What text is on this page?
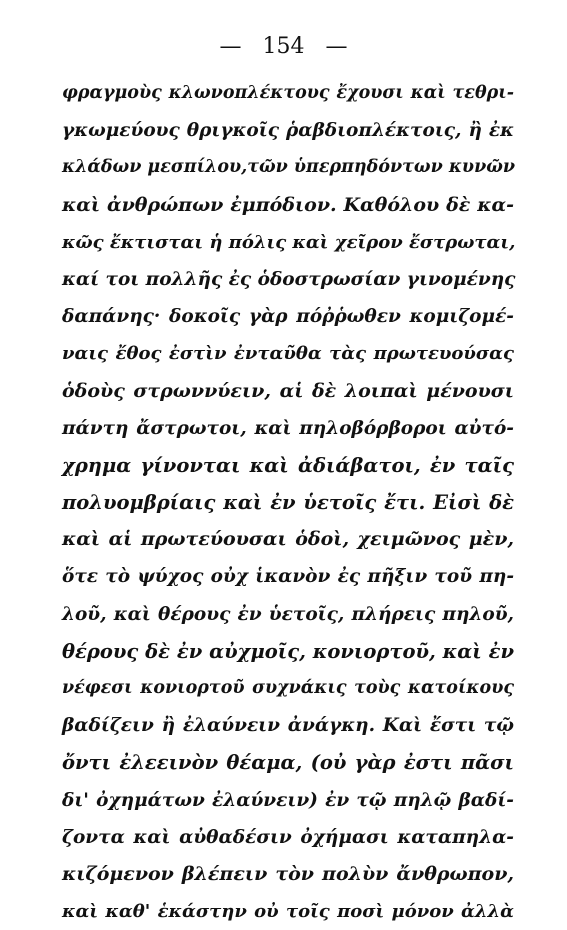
— 154 —
φραγμοὺς κλωνοπλέκτους ἔχουσι καὶ τεθρι-
γκωμεύους θριγκοῖς ῥαβδιοπλέκτοις, ἢ ἐκ
κλάδων μεσπίλου,τῶν ὑπερπηδόντων κυνῶν
καὶ ἀνθρώπων ἐμπόδιον. Καθόλου δὲ κα-
κῶς ἔκτισται ἡ πόλις καὶ χεῖρον ἔστρωται,
καί τοι πολλῆς ἐς ὁδοστρωσίαν γινομένης
δαπάνης· δοκοῖς γὰρ πόῤῥωθεν κομιζομέ-
ναις ἔθος ἐστὶν ἐνταῦθα τὰς πρωτευούσας
ὁδοὺς στρωννύειν, αἱ δὲ λοιπαὶ μένουσι
πάντη ἄστρωτοι, καὶ πηλοβόρβοροι αὐτό-
χρημα γίνονται καὶ ἀδιάβατοι, ἐν ταῖς
πολυομβρίαις καὶ ἐν ὑετοῖς ἔτι. Εἰσὶ δὲ
καὶ αἱ πρωτεύουσαι ὁδοὶ, χειμῶνος μὲν,
ὅτε τὸ ψύχος οὐχ ἱκανὸν ἐς πῆξιν τοῦ πη-
λοῦ, καὶ θέρους ἐν ὑετοῖς, πλήρεις πηλοῦ,
θέρους δὲ ἐν αὐχμοῖς, κονιορτοῦ, καὶ ἐν
νέφεσι κονιορτοῦ συχνάκις τοὺς κατοίκους
βαδίζειν ἢ ἐλαύνειν ἀνάγκη. Καὶ ἔστι τῷ
ὄντι ἐλεεινὸν θέαμα, (οὐ γὰρ ἐστι πᾶσι
δι' ὀχημάτων ἐλαύνειν) ἐν τῷ πηλῷ βαδί-
ζοντα καὶ αὐθαδέσιν ὀχήμασι καταπηλα-
κιζόμενον βλέπειν τὸν πολὺν ἄνθρωπον,
καὶ καθ' ἑκάστην οὐ τοῖς ποσὶ μόνον ἀλλὰ
